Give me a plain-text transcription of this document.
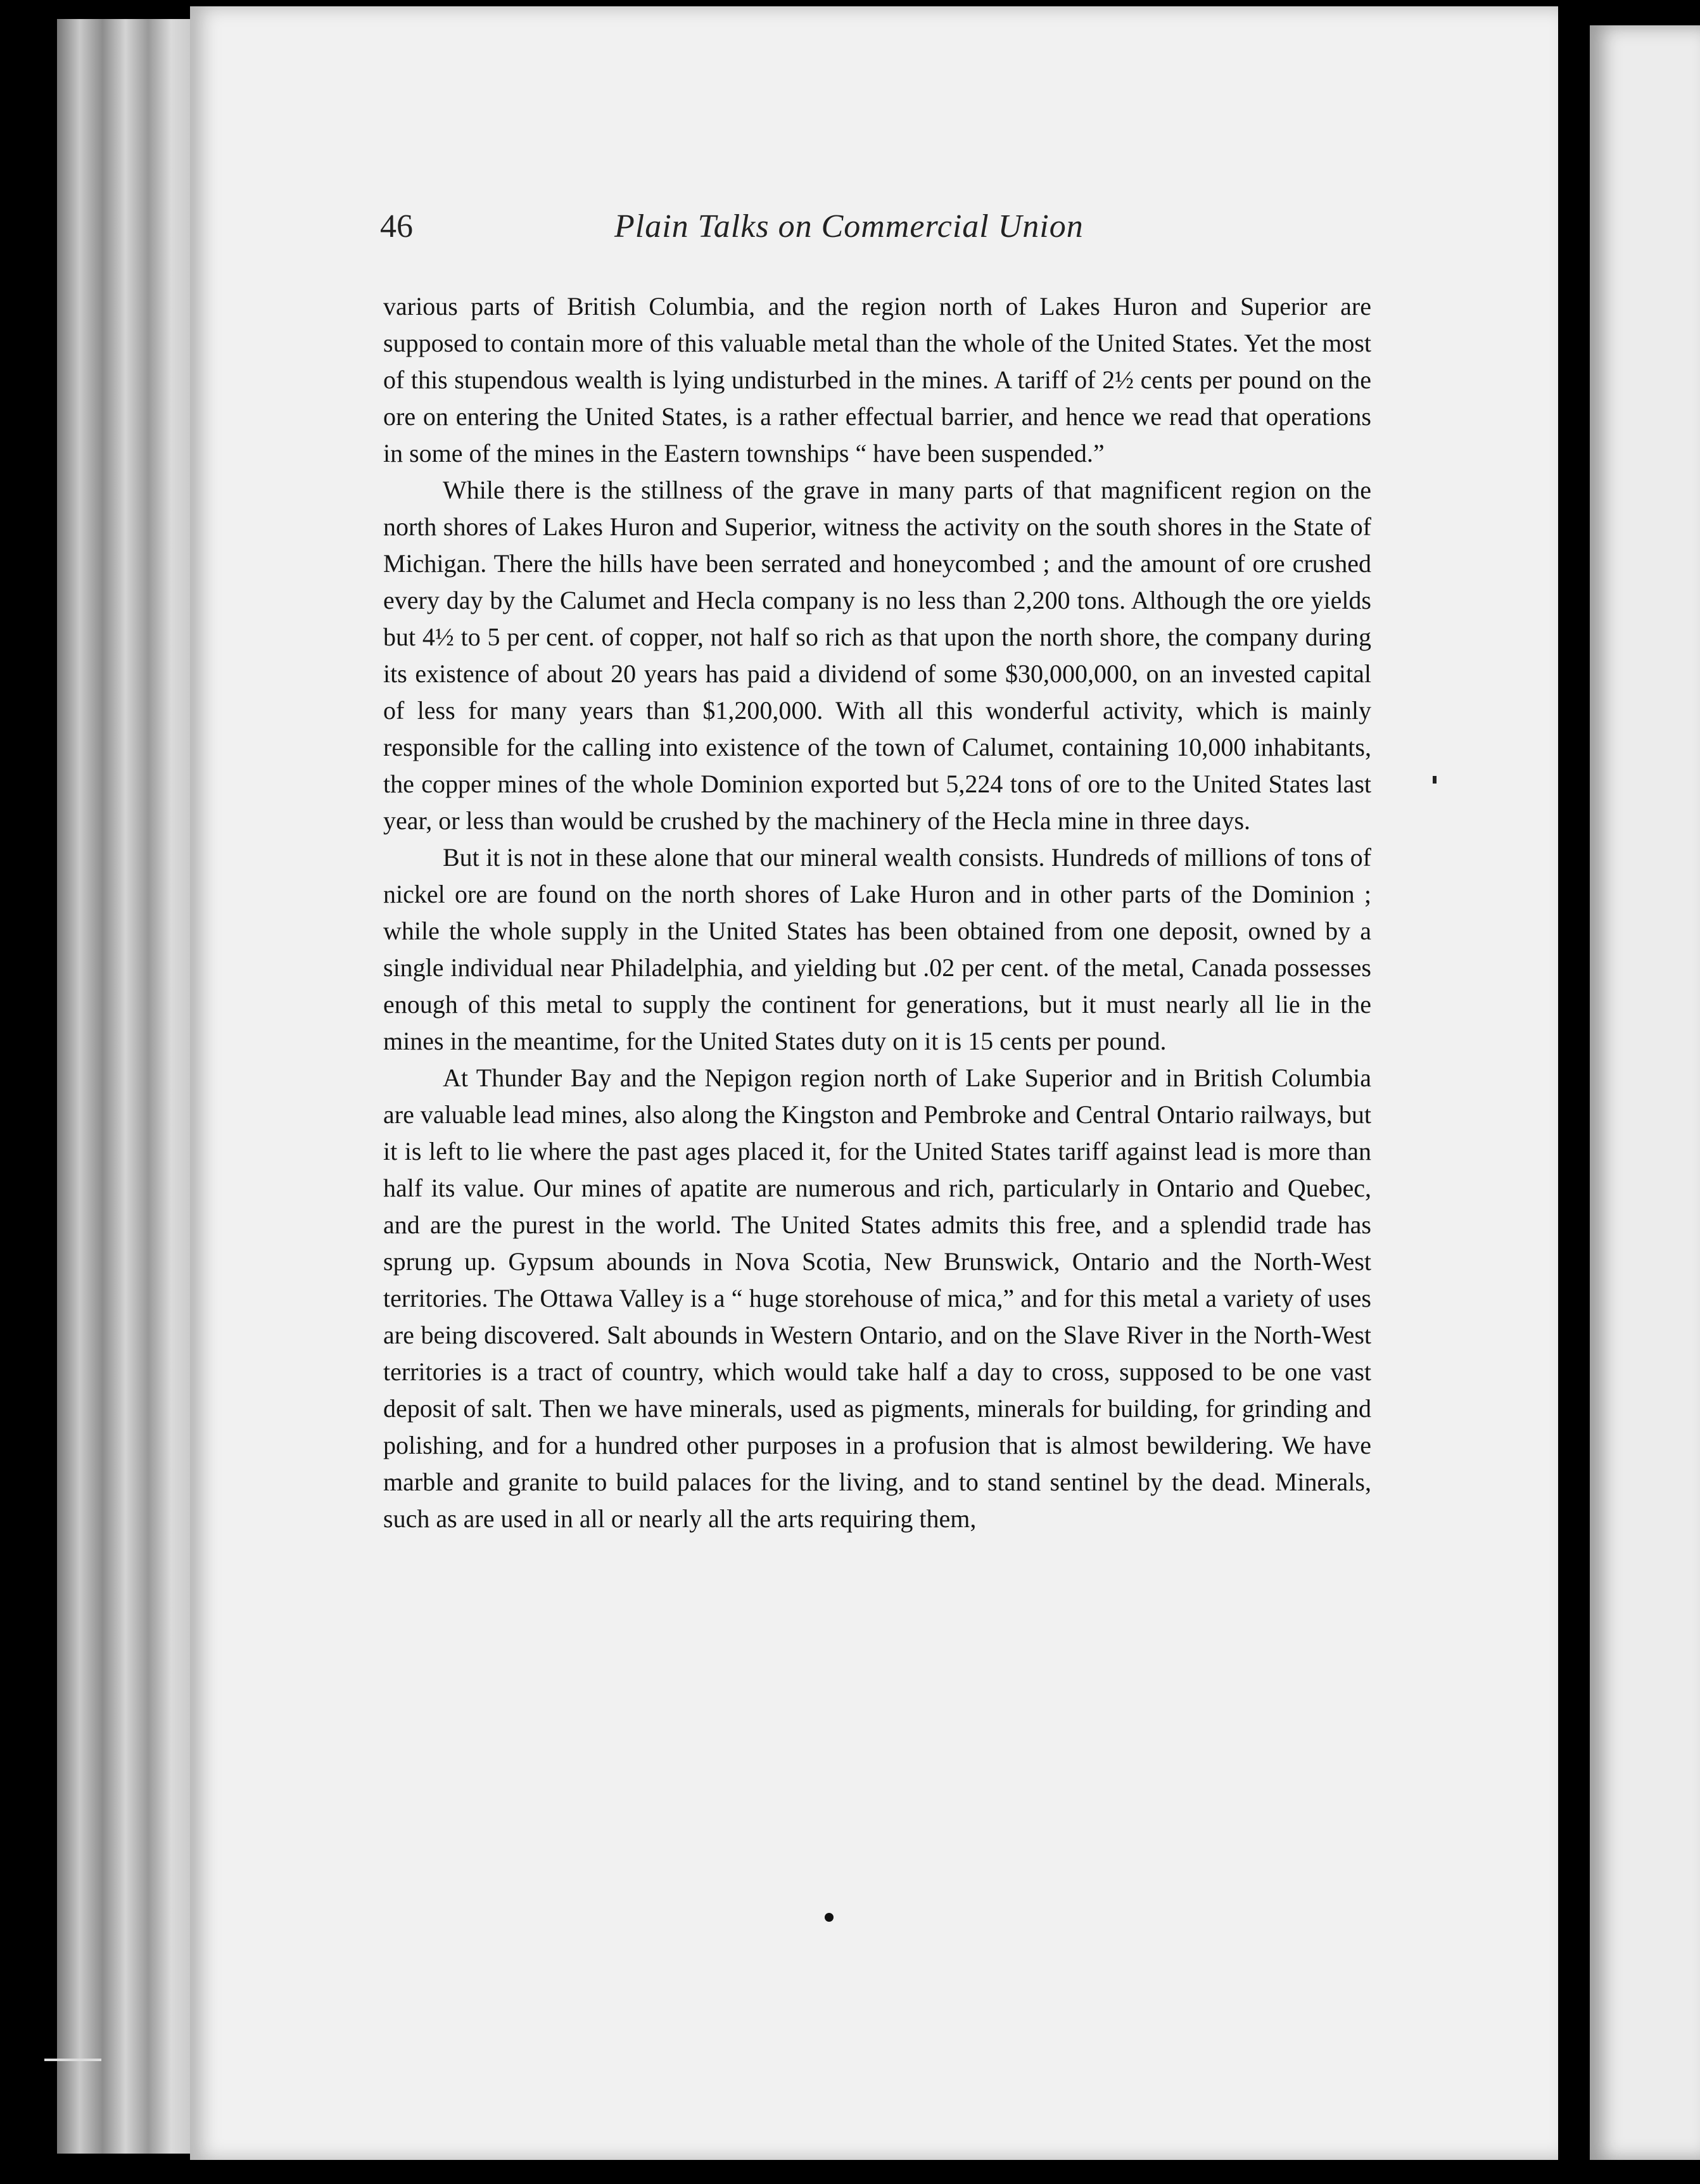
46	Plain Talks on Commercial Union

various parts of British Columbia, and the region north of Lakes Huron and Superior are supposed to contain more of this valuable metal than the whole of the United States. Yet the most of this stupendous wealth is lying undisturbed in the mines. A tariff of 2½ cents per pound on the ore on entering the United States, is a rather effectual barrier, and hence we read that operations in some of the mines in the Eastern townships “ have been suspended.”

While there is the stillness of the grave in many parts of that magnificent region on the north shores of Lakes Huron and Superior, witness the activity on the south shores in the State of Michigan. There the hills have been serrated and honeycombed ; and the amount of ore crushed every day by the Calumet and Hecla company is no less than 2,200 tons. Although the ore yields but 4½ to 5 per cent. of copper, not half so rich as that upon the north shore, the company during its existence of about 20 years has paid a dividend of some $30,000,000, on an invested capital of less for many years than $1,200,000. With all this wonderful activity, which is mainly responsible for the calling into existence of the town of Calumet, containing 10,000 inhabitants, the copper mines of the whole Dominion exported but 5,224 tons of ore to the United States last year, or less than would be crushed by the machinery of the Hecla mine in three days.

But it is not in these alone that our mineral wealth consists. Hundreds of millions of tons of nickel ore are found on the north shores of Lake Huron and in other parts of the Dominion ; while the whole supply in the United States has been obtained from one deposit, owned by a single individual near Philadelphia, and yielding but .02 per cent. of the metal, Canada possesses enough of this metal to supply the continent for generations, but it must nearly all lie in the mines in the meantime, for the United States duty on it is 15 cents per pound.

At Thunder Bay and the Nepigon region north of Lake Superior and in British Columbia are valuable lead mines, also along the Kingston and Pembroke and Central Ontario railways, but it is left to lie where the past ages placed it, for the United States tariff against lead is more than half its value. Our mines of apatite are numerous and rich, particularly in Ontario and Quebec, and are the purest in the world. The United States admits this free, and a splendid trade has sprung up. Gypsum abounds in Nova Scotia, New Brunswick, Ontario and the North-West territories. The Ottawa Valley is a “ huge storehouse of mica,” and for this metal a variety of uses are being discovered. Salt abounds in Western Ontario, and on the Slave River in the North-West territories is a tract of country, which would take half a day to cross, supposed to be one vast deposit of salt. Then we have minerals, used as pigments, minerals for building, for grinding and polishing, and for a hundred other purposes in a profusion that is almost bewildering. We have marble and granite to build palaces for the living, and to stand sentinel by the dead. Minerals, such as are used in all or nearly all the arts requiring them,
